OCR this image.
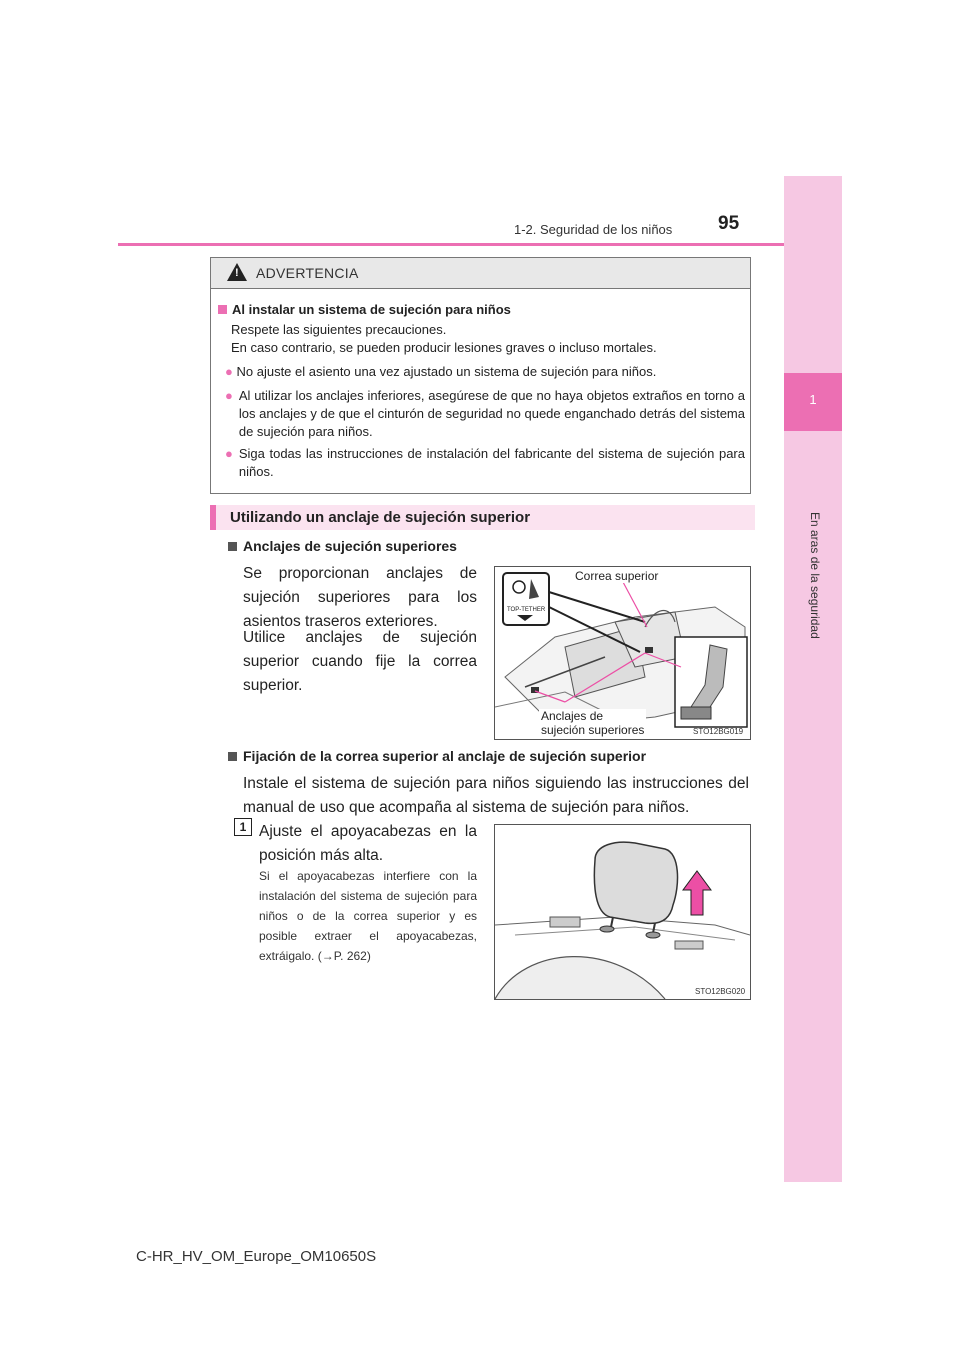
1
En aras de la seguridad
1-2. Seguridad de los niños 95
! ADVERTENCIA
Al instalar un sistema de sujeción para niños
Respete las siguientes precauciones.
En caso contrario, se pueden producir lesiones graves o incluso mortales.
● No ajuste el asiento una vez ajustado un sistema de sujeción para niños.
● Al utilizar los anclajes inferiores, asegúrese de que no haya objetos extraños en torno a los anclajes y de que el cinturón de seguridad no quede enganchado detrás del sistema de sujeción para niños.
● Siga todas las instrucciones de instalación del fabricante del sistema de sujeción para niños.
Utilizando un anclaje de sujeción superior
Anclajes de sujeción superiores
Se proporcionan anclajes de sujeción superiores para los asientos traseros exteriores.
Utilice anclajes de sujeción superior cuando fije la correa superior.
TOP-TETHER
Correa superior
Anclajes de
sujeción superiores	STO12BG019
Fijación de la correa superior al anclaje de sujeción superior
Instale el sistema de sujeción para niños siguiendo las instrucciones del manual de uso que acompaña al sistema de sujeción para niños.
1 Ajuste el apoyacabezas en la posición más alta.
Si el apoyacabezas interfiere con la instalación del sistema de sujeción para niños o de la correa superior y es posible extraer el apoyacabezas, extráigalo. (→P. 262)
STO12BG020
C-HR_HV_OM_Europe_OM10650S
